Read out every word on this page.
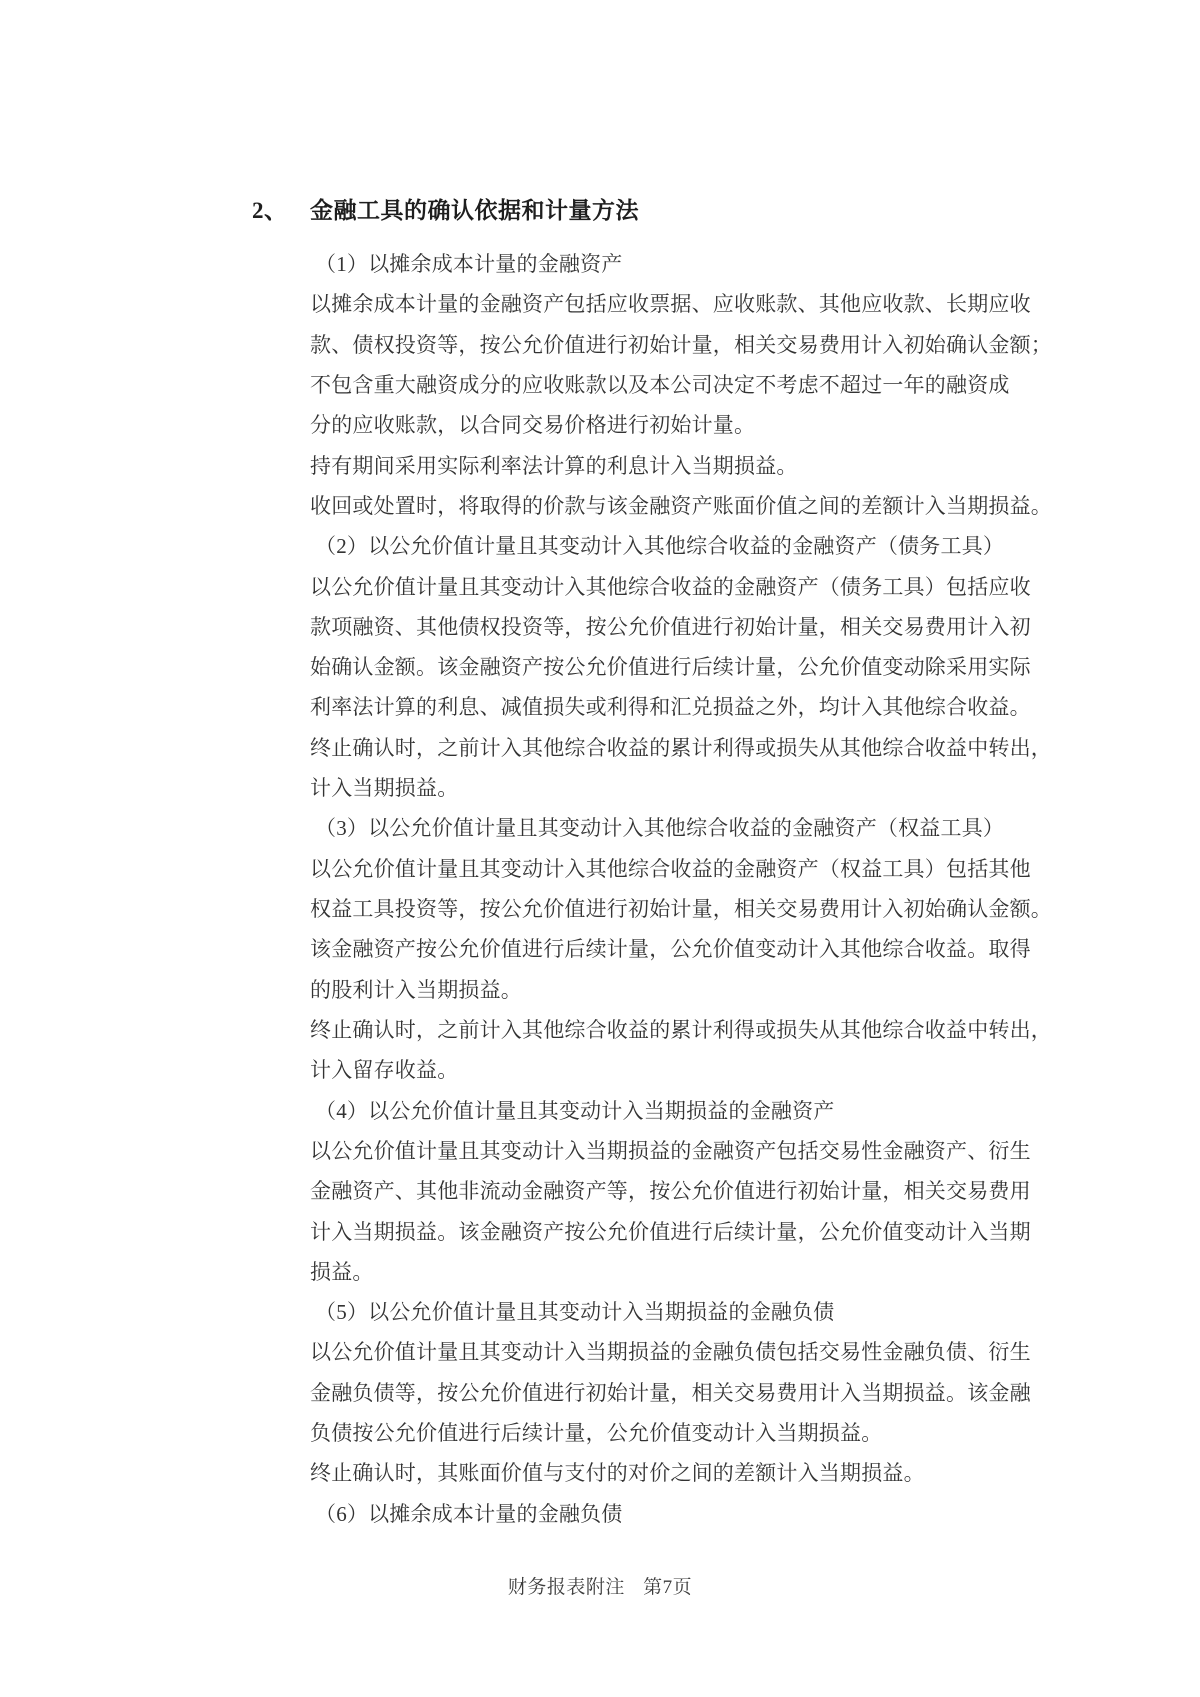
2、 金融工具的确认依据和计量方法
（1）以摊余成本计量的金融资产
以摊余成本计量的金融资产包括应收票据、应收账款、其他应收款、长期应收
款、债权投资等，按公允价值进行初始计量，相关交易费用计入初始确认金额；
不包含重大融资成分的应收账款以及本公司决定不考虑不超过一年的融资成
分的应收账款，以合同交易价格进行初始计量。
持有期间采用实际利率法计算的利息计入当期损益。
收回或处置时，将取得的价款与该金融资产账面价值之间的差额计入当期损益。
（2）以公允价值计量且其变动计入其他综合收益的金融资产（债务工具）
以公允价值计量且其变动计入其他综合收益的金融资产（债务工具）包括应收
款项融资、其他债权投资等，按公允价值进行初始计量，相关交易费用计入初
始确认金额。该金融资产按公允价值进行后续计量，公允价值变动除采用实际
利率法计算的利息、减值损失或利得和汇兑损益之外，均计入其他综合收益。
终止确认时，之前计入其他综合收益的累计利得或损失从其他综合收益中转出，
计入当期损益。
（3）以公允价值计量且其变动计入其他综合收益的金融资产（权益工具）
以公允价值计量且其变动计入其他综合收益的金融资产（权益工具）包括其他
权益工具投资等，按公允价值进行初始计量，相关交易费用计入初始确认金额。
该金融资产按公允价值进行后续计量，公允价值变动计入其他综合收益。取得
的股利计入当期损益。
终止确认时，之前计入其他综合收益的累计利得或损失从其他综合收益中转出，
计入留存收益。
（4）以公允价值计量且其变动计入当期损益的金融资产
以公允价值计量且其变动计入当期损益的金融资产包括交易性金融资产、衍生
金融资产、其他非流动金融资产等，按公允价值进行初始计量，相关交易费用
计入当期损益。该金融资产按公允价值进行后续计量，公允价值变动计入当期
损益。
（5）以公允价值计量且其变动计入当期损益的金融负债
以公允价值计量且其变动计入当期损益的金融负债包括交易性金融负债、衍生
金融负债等，按公允价值进行初始计量，相关交易费用计入当期损益。该金融
负债按公允价值进行后续计量，公允价值变动计入当期损益。
终止确认时，其账面价值与支付的对价之间的差额计入当期损益。
（6）以摊余成本计量的金融负债
财务报表附注 第7页
